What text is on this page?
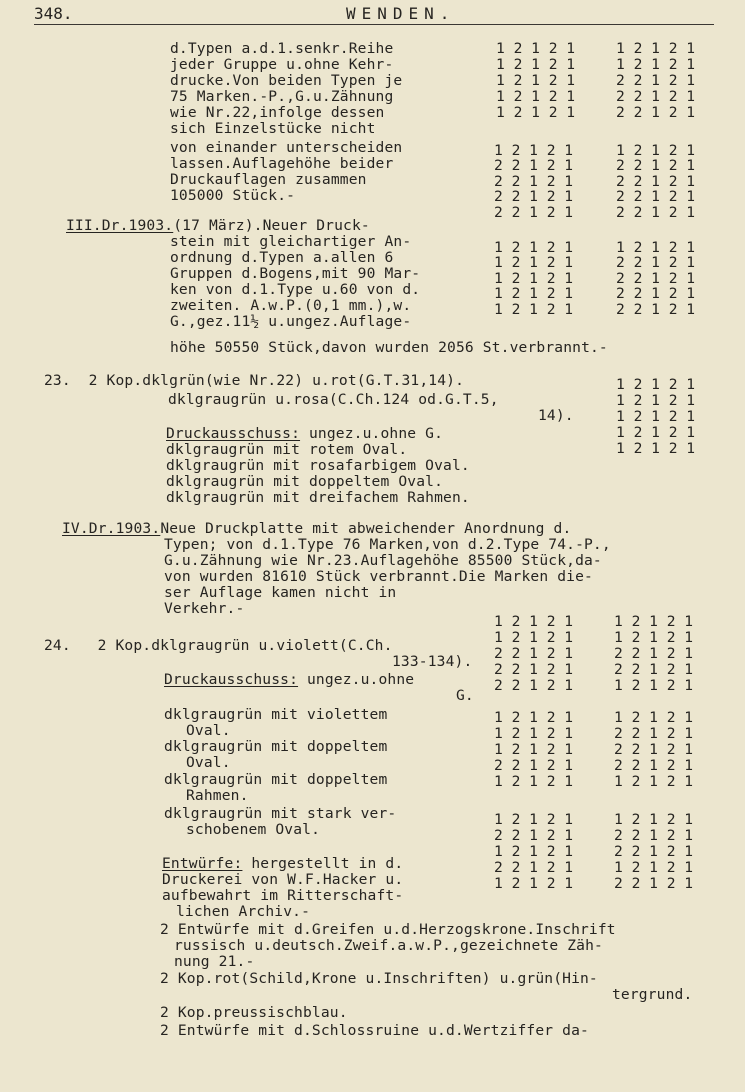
348.	WENDEN.
d.Typen a.d.1.senkr.Reihe
jeder Gruppe u.ohne Kehr-
drucke.Von beiden Typen je
75 Marken.-P.,G.u.Zähnung
wie Nr.22,infolge dessen
sich Einzelstücke nicht
von einander unterscheiden
lassen.Auflagehöhe beider
Druckauflagen zusammen
105000 Stück.-
III.Dr.1903.(17 März).Neuer Druck-
stein mit gleichartiger An-
ordnung d.Typen a.allen 6
Gruppen d.Bogens,mit 90 Mar-
ken von d.1.Type u.60 von d.
zweiten. A.w.P.(0,1 mm.),w.
G.,gez.11½ u.ungez.Auflage-
höhe 50550 Stück,davon wurden 2056 St.verbrannt.-
23.  2 Kop.dklgrün(wie Nr.22) u.rot(G.T.31,14).
dklgraugrün u.rosa(C.Ch.124 od.G.T.5,
14).
Druckausschuss: ungez.u.ohne G.
dklgraugrün mit rotem Oval.
dklgraugrün mit rosafarbigem Oval.
dklgraugrün mit doppeltem Oval.
dklgraugrün mit dreifachem Rahmen.
IV.Dr.1903.Neue Druckplatte mit abweichender Anordnung d.
Typen; von d.1.Type 76 Marken,von d.2.Type 74.-P.,
G.u.Zähnung wie Nr.23.Auflagehöhe 85500 Stück,da-
von wurden 81610 Stück verbrannt.Die Marken die-
ser Auflage kamen nicht in
Verkehr.-
24.   2 Kop.dklgraugrün u.violett(C.Ch.
133-134).
Druckausschuss: ungez.u.ohne
G.
dklgraugrün mit violettem
Oval.
dklgraugrün mit doppeltem
Oval.
dklgraugrün mit doppeltem
Rahmen.
dklgraugrün mit stark ver-
schobenem Oval.
Entwürfe: hergestellt in d.
Druckerei von W.F.Hacker u.
aufbewahrt im Ritterschaft-
lichen Archiv.-
2 Entwürfe mit d.Greifen u.d.Herzogskrone.Inschrift
russisch u.deutsch.Zweif.a.w.P.,gezeichnete Zäh-
nung 21.-
2 Kop.rot(Schild,Krone u.Inschriften) u.grün(Hin-
tergrund.
2 Kop.preussischblau.
2 Entwürfe mit d.Schlossruine u.d.Wertziffer da-
1 2 1 2 1
1 2 1 2 1
1 2 1 2 1
1 2 1 2 1
1 2 1 2 1
1 2 1 2 1
1 2 1 2 1
2 2 1 2 1
2 2 1 2 1
2 2 1 2 1
1 2 1 2 1
2 2 1 2 1
2 2 1 2 1
2 2 1 2 1
2 2 1 2 1
1 2 1 2 1
2 2 1 2 1
2 2 1 2 1
2 2 1 2 1
2 2 1 2 1
1 2 1 2 1
1 2 1 2 1
1 2 1 2 1
1 2 1 2 1
1 2 1 2 1
1 2 1 2 1
2 2 1 2 1
2 2 1 2 1
2 2 1 2 1
2 2 1 2 1
1 2 1 2 1
1 2 1 2 1
1 2 1 2 1
1 2 1 2 1
1 2 1 2 1
1 2 1 2 1
1 2 1 2 1
2 2 1 2 1
2 2 1 2 1
2 2 1 2 1
1 2 1 2 1
1 2 1 2 1
2 2 1 2 1
2 2 1 2 1
1 2 1 2 1
1 2 1 2 1
1 2 1 2 1
1 2 1 2 1
2 2 1 2 1
1 2 1 2 1
1 2 1 2 1
2 2 1 2 1
2 2 1 2 1
2 2 1 2 1
1 2 1 2 1
1 2 1 2 1
2 2 1 2 1
1 2 1 2 1
2 2 1 2 1
1 2 1 2 1
1 2 1 2 1
2 2 1 2 1
2 2 1 2 1
1 2 1 2 1
2 2 1 2 1
